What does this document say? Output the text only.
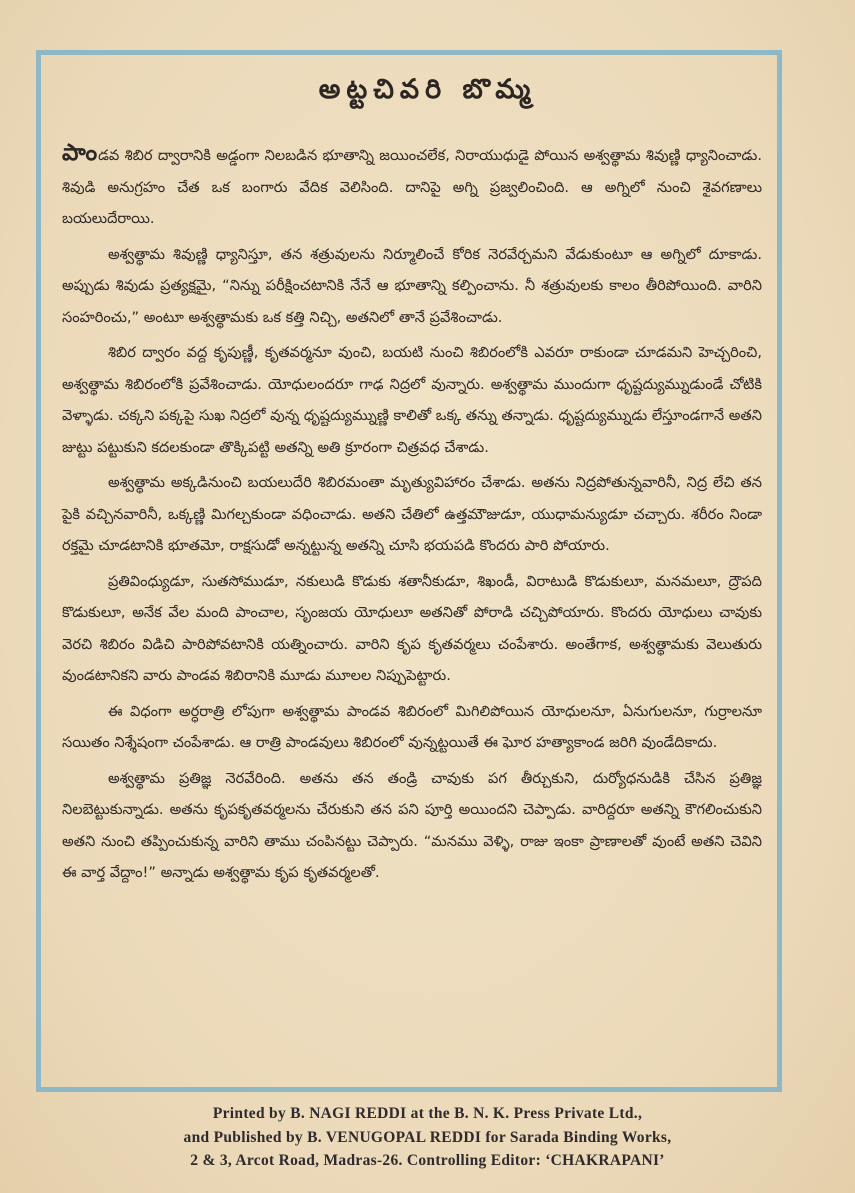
అట్టచివరి బొమ్మ

పాండవ శిబిర ద్వారానికి అడ్డంగా నిలబడిన భూతాన్ని జయించలేక, నిరాయుధుడై పోయిన అశ్వత్థామ శివుణ్ణి ధ్యానించాడు. శివుడి అనుగ్రహం చేత ఒక బంగారు వేదిక వెలిసింది. దానిపై అగ్ని ప్రజ్వలించింది. ఆ అగ్నిలో నుంచి శైవగణాలు బయలుదేరాయి.

అశ్వత్థామ శివుణ్ణి ధ్యానిస్తూ, తన శత్రువులను నిర్మూలించే కోరిక నెరవేర్చమని వేడుకుంటూ ఆ అగ్నిలో దూకాడు. అప్పుడు శివుడు ప్రత్యక్షమై, “నిన్ను పరీక్షించటానికి నేనే ఆ భూతాన్ని కల్పించాను. నీ శత్రువులకు కాలం తీరిపోయింది. వారిని సంహరించు,” అంటూ అశ్వత్థామకు ఒక కత్తి నిచ్చి, అతనిలో తానే ప్రవేశించాడు.

శిబిర ద్వారం వద్ద కృపుణ్ణీ, కృతవర్మనూ వుంచి, బయటి నుంచి శిబిరంలోకి ఎవరూ రాకుండా చూడమని హెచ్చరించి, అశ్వత్థామ శిబిరంలోకి ప్రవేశించాడు. యోధులందరూ గాఢ నిద్రలో వున్నారు. అశ్వత్థామ ముందుగా ధృష్టద్యుమ్నుడుండే చోటికి వెళ్ళాడు. చక్కని పక్కపై సుఖ నిద్రలో వున్న ధృష్టద్యుమ్నుణ్ణి కాలితో ఒక్క తన్ను తన్నాడు. ధృష్టద్యుమ్నుడు లేస్తూండగానే అతని జుట్టు పట్టుకుని కదలకుండా తొక్కిపట్టి అతన్ని అతి క్రూరంగా చిత్రవధ చేశాడు.

అశ్వత్థామ అక్కడినుంచి బయలుదేరి శిబిరమంతా మృత్యువిహారం చేశాడు. అతను నిద్రపోతున్నవారినీ, నిద్ర లేచి తన పైకి వచ్చినవారినీ, ఒక్కణ్ణి మిగల్చకుండా వధించాడు. అతని చేతిలో ఉత్తమౌజుడూ, యుధామన్యుడూ చచ్చారు. శరీరం నిండా రక్తమై చూడటానికి భూతమో, రాక్షసుడో అన్నట్టున్న అతన్ని చూసి భయపడి కొందరు పారి పోయారు.

ప్రతివింధ్యుడూ, సుతసోముడూ, నకులుడి కొడుకు శతానీకుడూ, శిఖండీ, విరాటుడి కొడుకులూ, మనమలూ, ద్రౌపది కొడుకులూ, అనేక వేల మంది పాంచాల, సృంజయ యోధులూ అతనితో పోరాడి చచ్చిపోయారు. కొందరు యోధులు చావుకు వెరచి శిబిరం విడిచి పారిపోవటానికి యత్నించారు. వారిని కృప కృతవర్మలు చంపేశారు. అంతేగాక, అశ్వత్థామకు వెలుతురు వుండటానికని వారు పాండవ శిబిరానికి మూడు మూలల నిప్పుపెట్టారు.

ఈ విధంగా అర్ధరాత్రి లోపుగా అశ్వత్థామ పాండవ శిబిరంలో మిగిలిపోయిన యోధులనూ, ఏనుగులనూ, గుర్రాలనూ సయితం నిశ్శేషంగా చంపేశాడు. ఆ రాత్రి పాండవులు శిబిరంలో వున్నట్టయితే ఈ ఘోర హత్యాకాండ జరిగి వుండేదికాదు.

అశ్వత్థామ ప్రతిజ్ఞ నెరవేరింది. అతను తన తండ్రి చావుకు పగ తీర్చుకుని, దుర్యోధనుడికి చేసిన ప్రతిజ్ఞ నిలబెట్టుకున్నాడు. అతను కృపకృతవర్మలను చేరుకుని తన పని పూర్తి అయిందని చెప్పాడు. వారిద్దరూ అతన్ని కౌగలించుకుని అతని నుంచి తప్పించుకున్న వారిని తాము చంపినట్టు చెప్పారు. “మనము వెళ్ళి, రాజు ఇంకా ప్రాణాలతో వుంటే అతని చెవిని ఈ వార్త వేద్దాం!” అన్నాడు అశ్వత్థామ కృప కృతవర్మలతో.

Printed by B. NAGI REDDI at the B. N. K. Press Private Ltd.,
and Published by B. VENUGOPAL REDDI for Sarada Binding Works,
2 & 3, Arcot Road, Madras-26. Controlling Editor: ‘CHAKRAPANI’
